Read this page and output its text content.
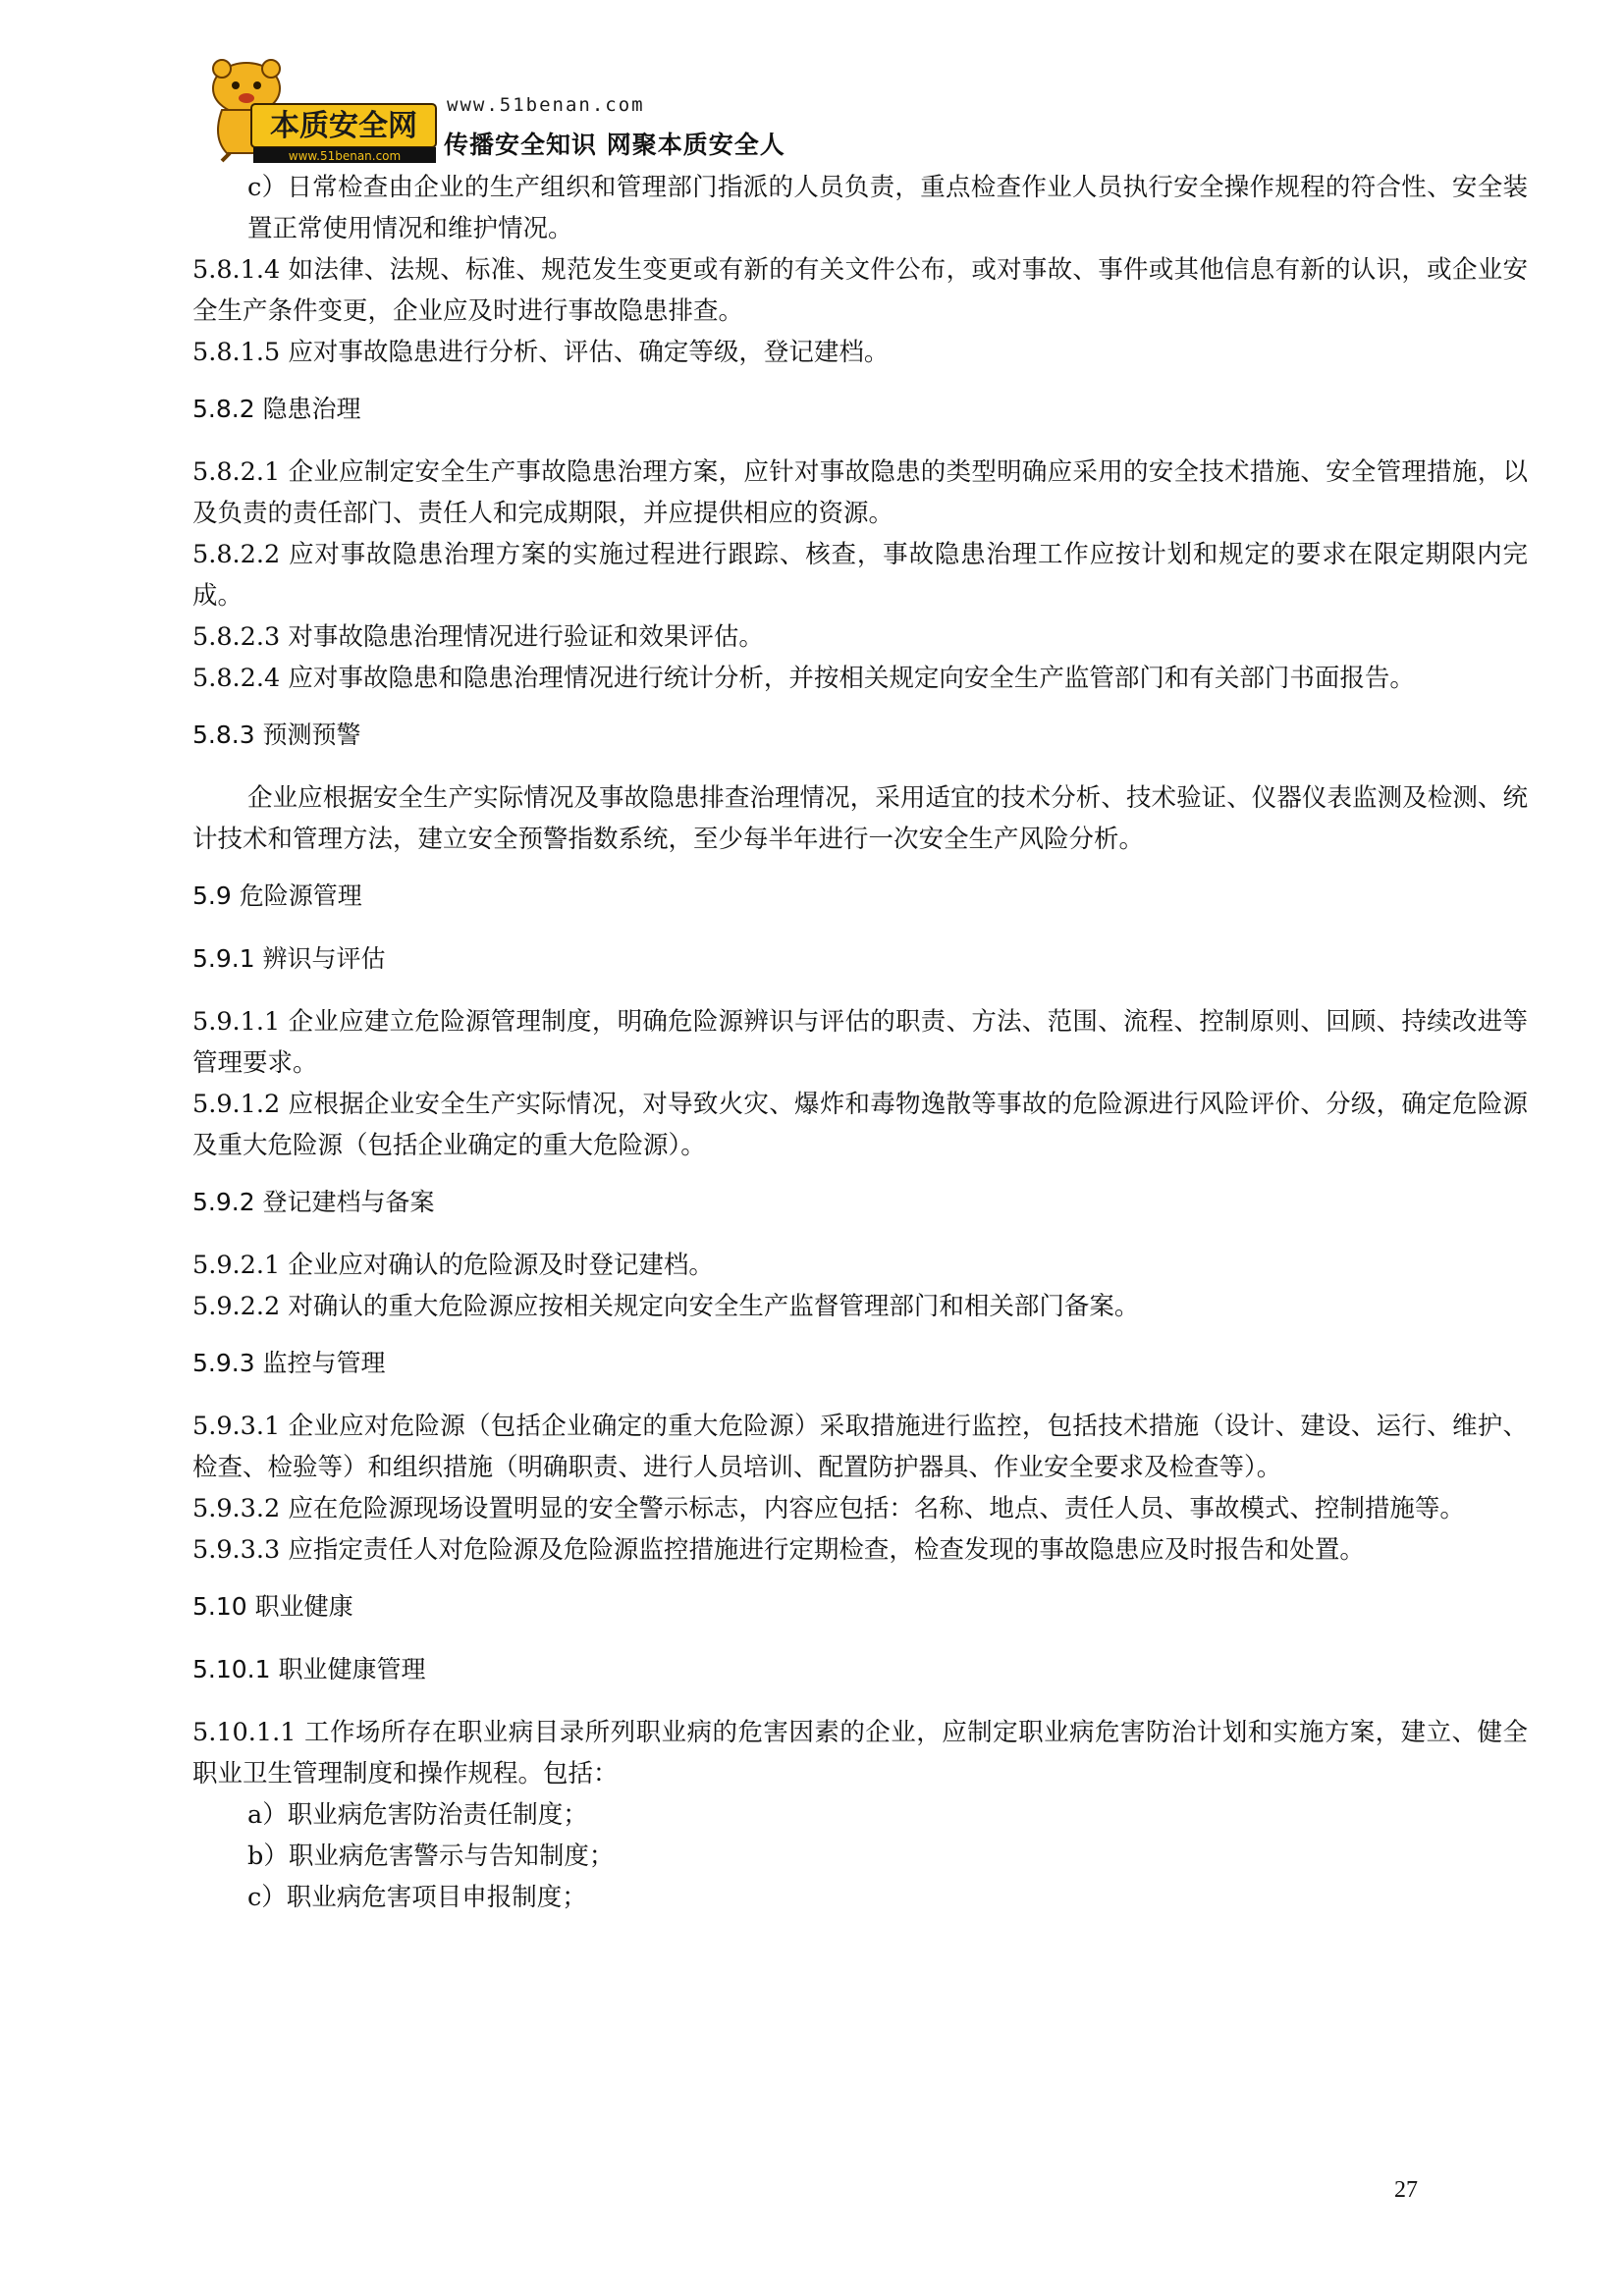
本质安全网
www.51benan.com
www.51benan.com
传播安全知识 网聚本质安全人

c）日常检查由企业的生产组织和管理部门指派的人员负责，重点检查作业人员执行安全操作规程的符合性、安全装置正常使用情况和维护情况。

5.8.1.4 如法律、法规、标准、规范发生变更或有新的有关文件公布，或对事故、事件或其他信息有新的认识，或企业安全生产条件变更，企业应及时进行事故隐患排查。

5.8.1.5 应对事故隐患进行分析、评估、确定等级，登记建档。

5.8.2 隐患治理

5.8.2.1 企业应制定安全生产事故隐患治理方案，应针对事故隐患的类型明确应采用的安全技术措施、安全管理措施，以及负责的责任部门、责任人和完成期限，并应提供相应的资源。

5.8.2.2 应对事故隐患治理方案的实施过程进行跟踪、核查，事故隐患治理工作应按计划和规定的要求在限定期限内完成。

5.8.2.3 对事故隐患治理情况进行验证和效果评估。

5.8.2.4 应对事故隐患和隐患治理情况进行统计分析，并按相关规定向安全生产监管部门和有关部门书面报告。

5.8.3 预测预警

企业应根据安全生产实际情况及事故隐患排查治理情况，采用适宜的技术分析、技术验证、仪器仪表监测及检测、统计技术和管理方法，建立安全预警指数系统，至少每半年进行一次安全生产风险分析。

5.9 危险源管理

5.9.1 辨识与评估

5.9.1.1 企业应建立危险源管理制度，明确危险源辨识与评估的职责、方法、范围、流程、控制原则、回顾、持续改进等管理要求。

5.9.1.2 应根据企业安全生产实际情况，对导致火灾、爆炸和毒物逸散等事故的危险源进行风险评价、分级，确定危险源及重大危险源（包括企业确定的重大危险源）。

5.9.2 登记建档与备案

5.9.2.1 企业应对确认的危险源及时登记建档。

5.9.2.2 对确认的重大危险源应按相关规定向安全生产监督管理部门和相关部门备案。

5.9.3 监控与管理

5.9.3.1 企业应对危险源（包括企业确定的重大危险源）采取措施进行监控，包括技术措施（设计、建设、运行、维护、检查、检验等）和组织措施（明确职责、进行人员培训、配置防护器具、作业安全要求及检查等）。

5.9.3.2 应在危险源现场设置明显的安全警示标志，内容应包括：名称、地点、责任人员、事故模式、控制措施等。

5.9.3.3 应指定责任人对危险源及危险源监控措施进行定期检查，检查发现的事故隐患应及时报告和处置。

5.10 职业健康

5.10.1 职业健康管理

5.10.1.1 工作场所存在职业病目录所列职业病的危害因素的企业，应制定职业病危害防治计划和实施方案，建立、健全职业卫生管理制度和操作规程。包括：

a）职业病危害防治责任制度；

b）职业病危害警示与告知制度；

c）职业病危害项目申报制度；

27
